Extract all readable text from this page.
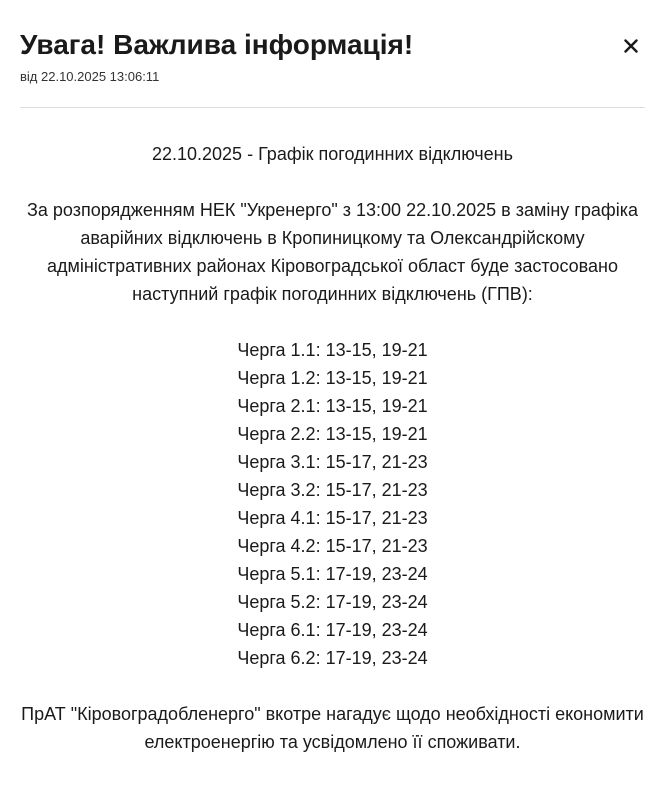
Увага! Важлива інформація!
від 22.10.2025 13:06:11

22.10.2025 - Графік погодинних відключень

За розпорядженням НЕК "Укренерго" з 13:00 22.10.2025 в заміну графіка аварійних відключень в Кропиницкому та Олександрійскому адміністративних районах Кіровоградської област буде застосовано наступний графік погодинних відключень (ГПВ):

Черга 1.1: 13-15, 19-21
Черга 1.2: 13-15, 19-21
Черга 2.1: 13-15, 19-21
Черга 2.2: 13-15, 19-21
Черга 3.1: 15-17, 21-23
Черга 3.2: 15-17, 21-23
Черга 4.1: 15-17, 21-23
Черга 4.2: 15-17, 21-23
Черга 5.1: 17-19, 23-24
Черга 5.2: 17-19, 23-24
Черга 6.1: 17-19, 23-24
Черга 6.2: 17-19, 23-24

ПрАТ "Кіровоградобленерго" вкотре нагадує щодо необхідності економити електроенергію та усвідомлено її споживати.
